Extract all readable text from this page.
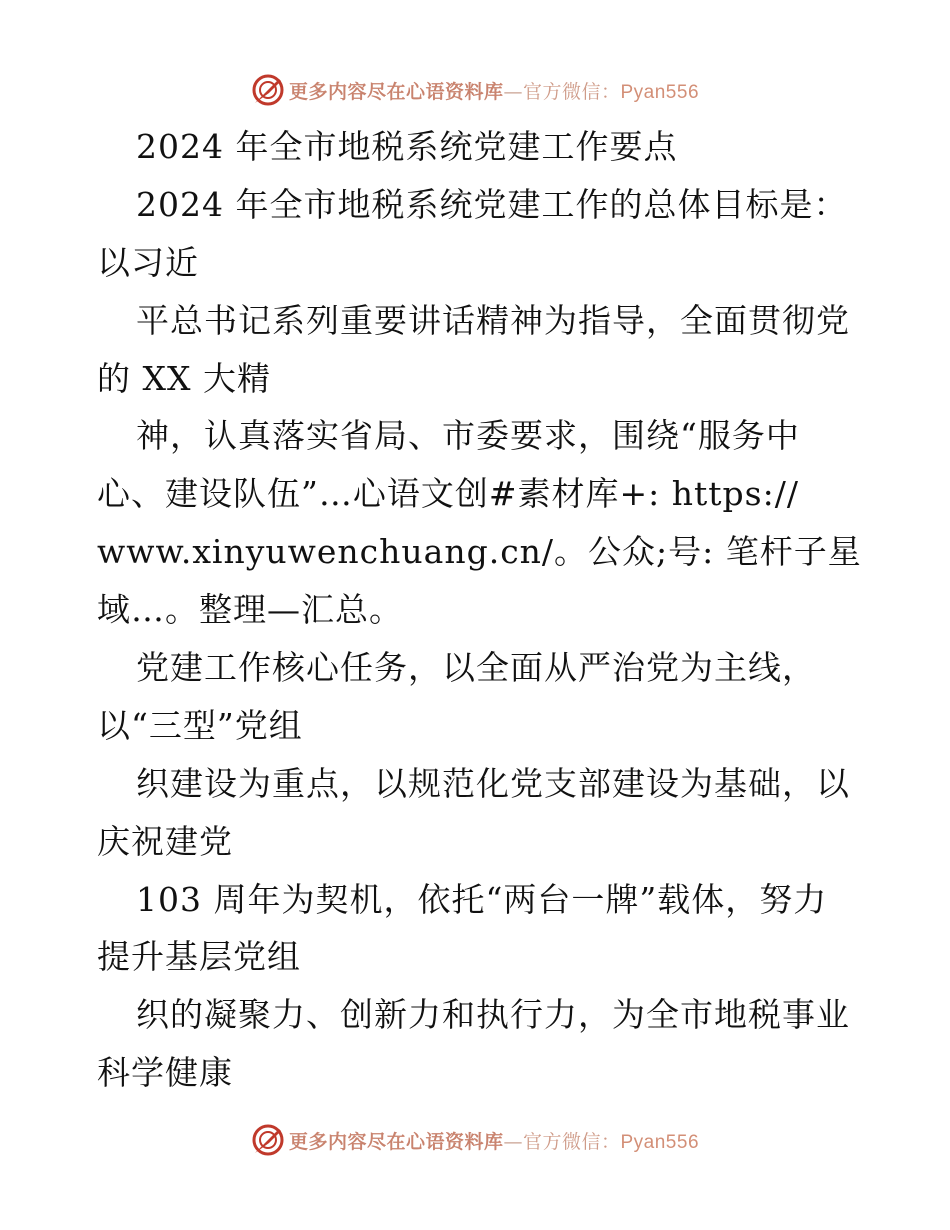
更多内容尽在心语资料库—官方微信：Pyan556
2024 年全市地税系统党建工作要点
2024 年全市地税系统党建工作的总体目标是：
以习近
平总书记系列重要讲话精神为指导，全面贯彻党
的 XX 大精
神，认真落实省局、市委要求，围绕“服务中
心、建设队伍”…心语文创#素材库+: https://
www.xinyuwenchuang.cn/。公众;号: 笔杆子星
域…。整理—汇总。
党建工作核心任务，以全面从严治党为主线，
以“三型”党组
织建设为重点，以规范化党支部建设为基础，以
庆祝建党
103 周年为契机，依托“两台一牌”载体，努力
提升基层党组
织的凝聚力、创新力和执行力，为全市地税事业
科学健康
更多内容尽在心语资料库—官方微信：Pyan556
